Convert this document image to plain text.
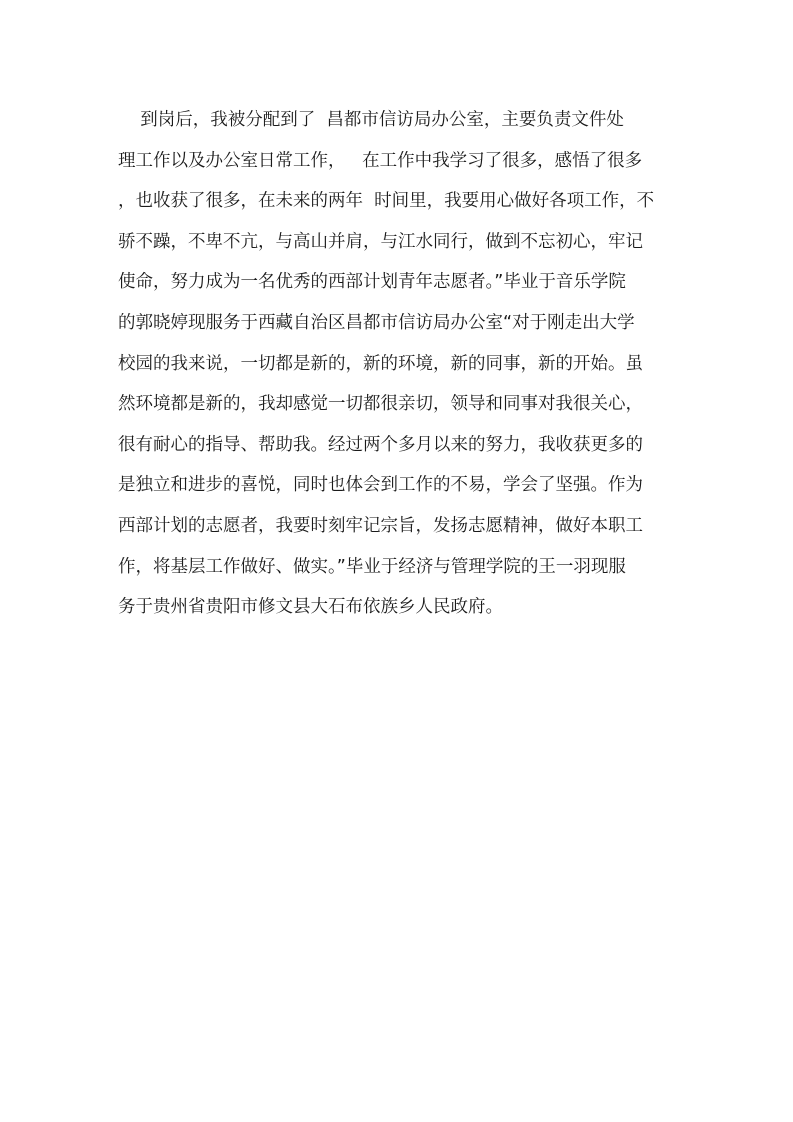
到岗后，我被分配到了  昌都市信访局办公室，主要负责文件处
理工作以及办公室日常工作，   在工作中我学习了很多，感悟了很多
，也收获了很多，在未来的两年  时间里，我要用心做好各项工作，不
骄不躁，不卑不亢，与高山并肩，与江水同行，做到不忘初心，牢记
使命，努力成为一名优秀的西部计划青年志愿者。”毕业于音乐学院
的郭晓婷现服务于西藏自治区昌都市信访局办公室“对于刚走出大学
校园的我来说，一切都是新的，新的环境，新的同事，新的开始。虽
然环境都是新的，我却感觉一切都很亲切，领导和同事对我很关心，
很有耐心的指导、帮助我。经过两个多月以来的努力，我收获更多的
是独立和进步的喜悦，同时也体会到工作的不易，学会了坚强。作为
西部计划的志愿者，我要时刻牢记宗旨，发扬志愿精神，做好本职工
作，将基层工作做好、做实。”毕业于经济与管理学院的王一羽现服
务于贵州省贵阳市修文县大石布依族乡人民政府。
